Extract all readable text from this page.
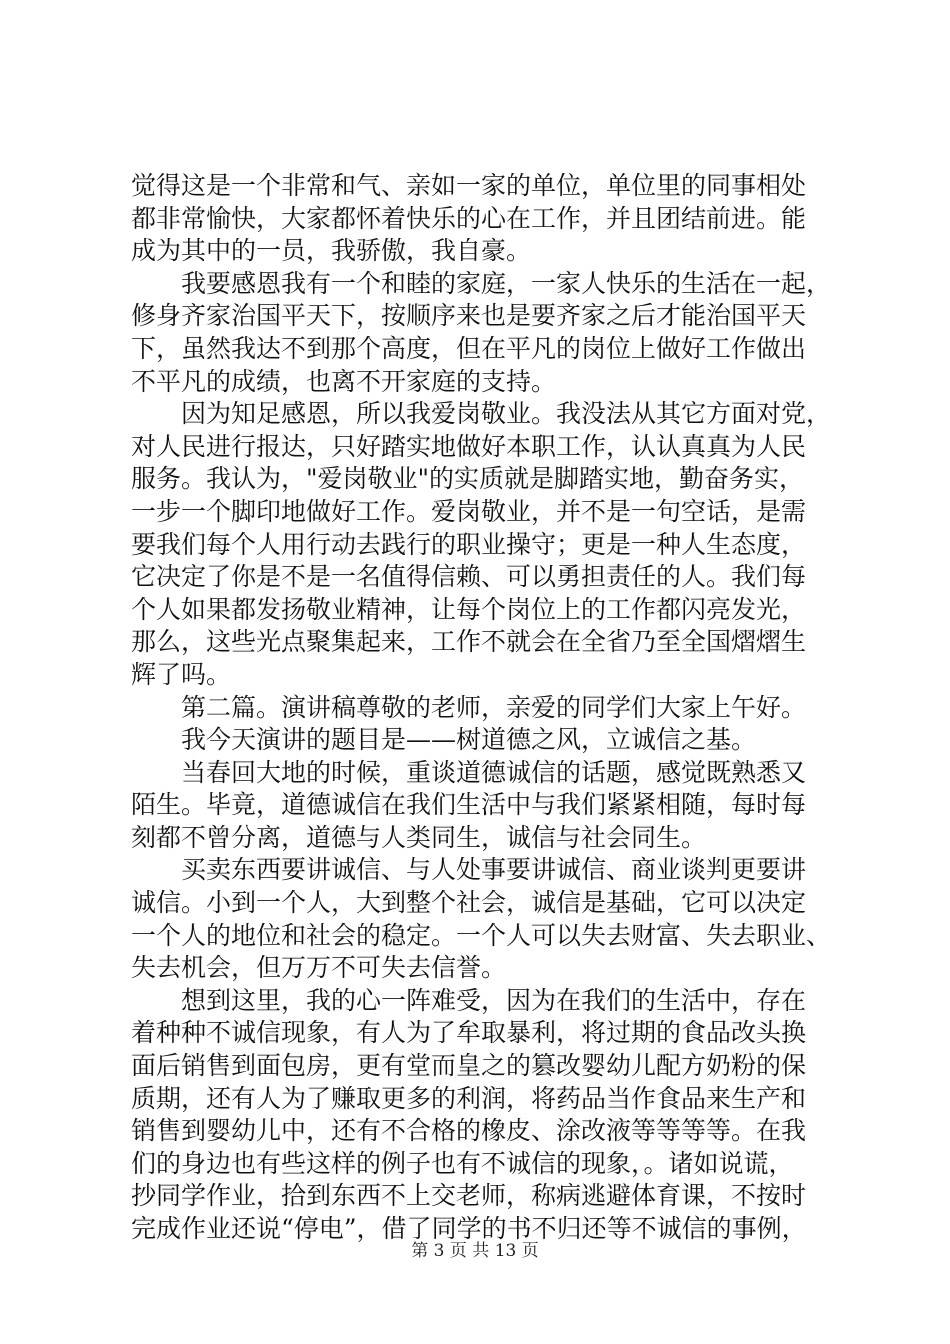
觉得这是一个非常和气、亲如一家的单位，单位里的同事相处
都非常愉快，大家都怀着快乐的心在工作，并且团结前进。能
成为其中的一员，我骄傲，我自豪。
我要感恩我有一个和睦的家庭，一家人快乐的生活在一起，
修身齐家治国平天下，按顺序来也是要齐家之后才能治国平天
下，虽然我达不到那个高度，但在平凡的岗位上做好工作做出
不平凡的成绩，也离不开家庭的支持。
因为知足感恩，所以我爱岗敬业。我没法从其它方面对党，
对人民进行报达，只好踏实地做好本职工作，认认真真为人民
服务。我认为，"爱岗敬业"的实质就是脚踏实地，勤奋务实，
一步一个脚印地做好工作。爱岗敬业，并不是一句空话，是需
要我们每个人用行动去践行的职业操守；更是一种人生态度，
它决定了你是不是一名值得信赖、可以勇担责任的人。我们每
个人如果都发扬敬业精神，让每个岗位上的工作都闪亮发光，
那么，这些光点聚集起来，工作不就会在全省乃至全国熠熠生
辉了吗。
第二篇。演讲稿尊敬的老师，亲爱的同学们大家上午好。
我今天演讲的题目是——树道德之风，立诚信之基。
当春回大地的时候，重谈道德诚信的话题，感觉既熟悉又
陌生。毕竟，道德诚信在我们生活中与我们紧紧相随，每时每
刻都不曾分离，道德与人类同生，诚信与社会同生。
买卖东西要讲诚信、与人处事要讲诚信、商业谈判更要讲
诚信。小到一个人，大到整个社会，诚信是基础，它可以决定
一个人的地位和社会的稳定。一个人可以失去财富、失去职业、
失去机会，但万万不可失去信誉。
想到这里，我的心一阵难受，因为在我们的生活中，存在
着种种不诚信现象，有人为了牟取暴利，将过期的食品改头换
面后销售到面包房，更有堂而皇之的篡改婴幼儿配方奶粉的保
质期，还有人为了赚取更多的利润，将药品当作食品来生产和
销售到婴幼儿中，还有不合格的橡皮、涂改液等等等等。在我
们的身边也有些这样的例子也有不诚信的现象，。诸如说谎，
抄同学作业，拾到东西不上交老师，称病逃避体育课，不按时
完成作业还说“停电”，借了同学的书不归还等不诚信的事例，
第 3 页 共 13 页
